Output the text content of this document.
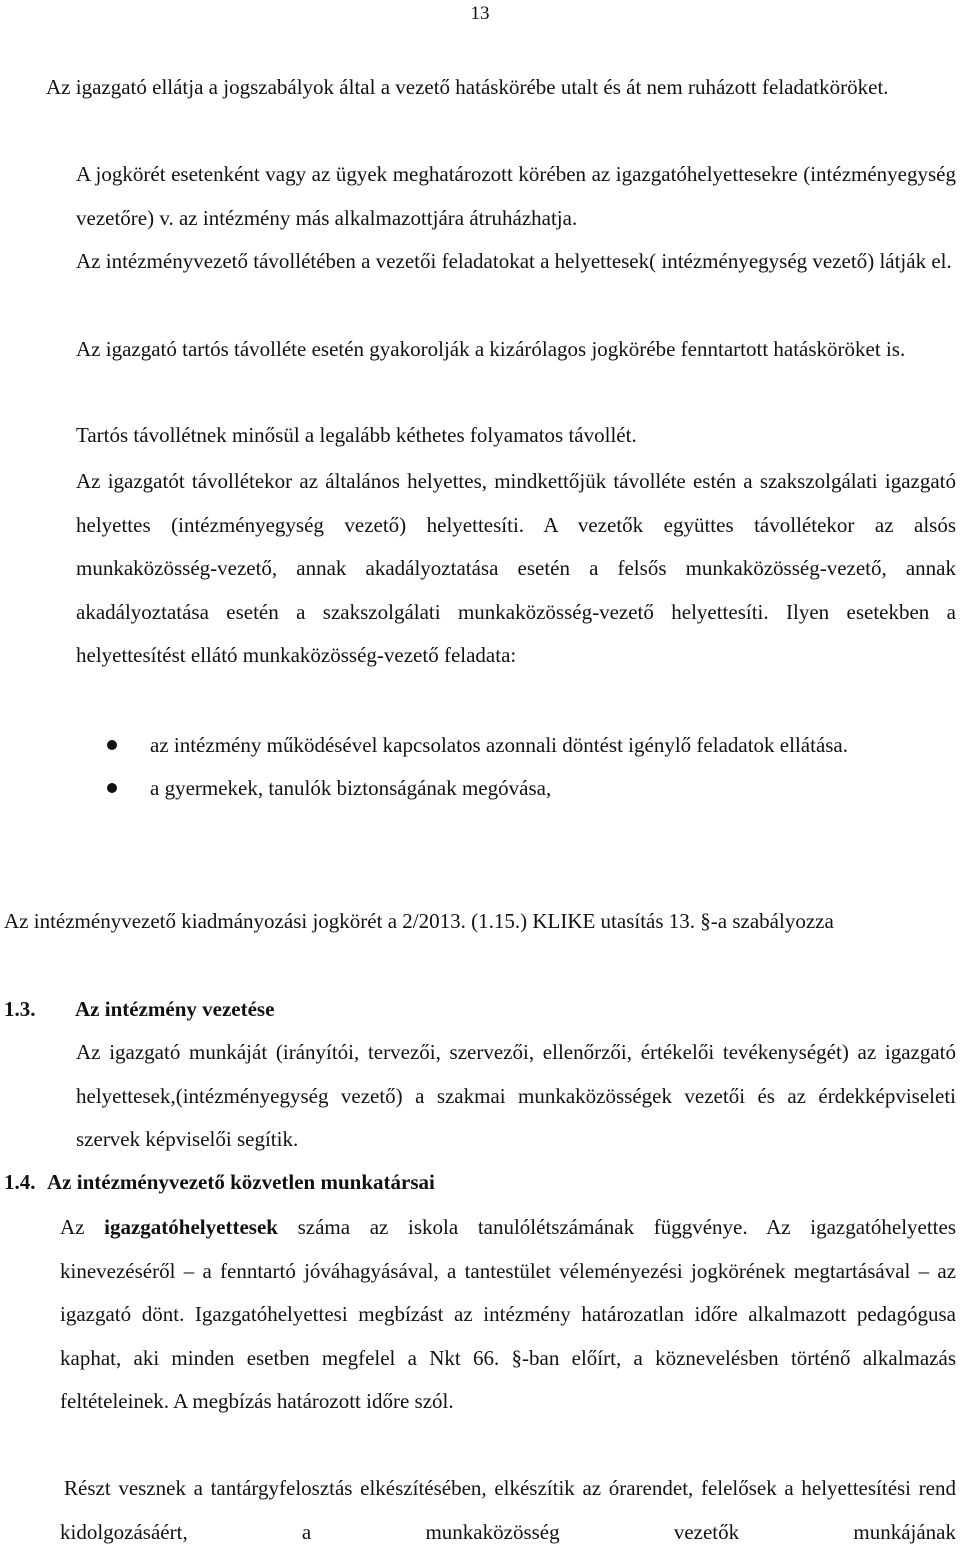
13
Az igazgató ellátja a jogszabályok által a vezető hatáskörébe utalt és át nem ruházott feladatköröket.
A jogkörét esetenként vagy az ügyek meghatározott körében az igazgatóhelyettesekre (intézményegység vezetőre) v. az intézmény más alkalmazottjára átruházhatja.
Az intézményvezető távollétében a vezetői feladatokat a helyettesek( intézményegység vezető) látják el.
Az igazgató tartós távolléte esetén gyakorolják a kizárólagos jogkörébe fenntartott hatásköröket is.
Tartós távollétnek minősül a legalább kéthetes folyamatos távollét.
Az igazgatót távollétekor az általános helyettes, mindkettőjük távolléte estén a szakszolgálati igazgató helyettes (intézményegység vezető) helyettesíti. A vezetők együttes távollétekor az alsós munkaközösség-vezető, annak akadályoztatása esetén a felsős munkaközösség-vezető, annak akadályoztatása esetén a szakszolgálati munkaközösség-vezető helyettesíti. Ilyen esetekben a helyettesítést ellátó munkaközösség-vezető feladata:
az intézmény működésével kapcsolatos azonnali döntést igénylő feladatok ellátása.
a gyermekek, tanulók biztonságának megóvása,
Az intézményvezető kiadmányozási jogkörét a 2/2013. (1.15.) KLIKE utasítás 13. §-a szabályozza
1.3. Az intézmény vezetése
Az igazgató munkáját (irányítói, tervezői, szervezői, ellenőrzői, értékelői tevékenységét) az igazgató helyettesek,(intézményegység vezető) a szakmai munkaközösségek vezetői és az érdekképviseleti szervek képviselői segítik.
1.4. Az intézményvezető közvetlen munkatársai
Az igazgatóhelyettesek száma az iskola tanulólétszámának függvénye. Az igazgatóhelyettes kinevezéséről – a fenntartó jóváhagyásával, a tantestület véleményezési jogkörének megtartásával – az igazgató dönt. Igazgatóhelyettesi megbízást az intézmény határozatlan időre alkalmazott pedagógusa kaphat, aki minden esetben megfelel a Nkt 66. §-ban előírt, a köznevelésben történő alkalmazás feltételeinek. A megbízás határozott időre szól.
Részt vesznek a tantárgyfelosztás elkészítésében, elkészítik az órarendet, felelősek a helyettesítési rend kidolgozásáért, a munkaközösség vezetők munkájának
